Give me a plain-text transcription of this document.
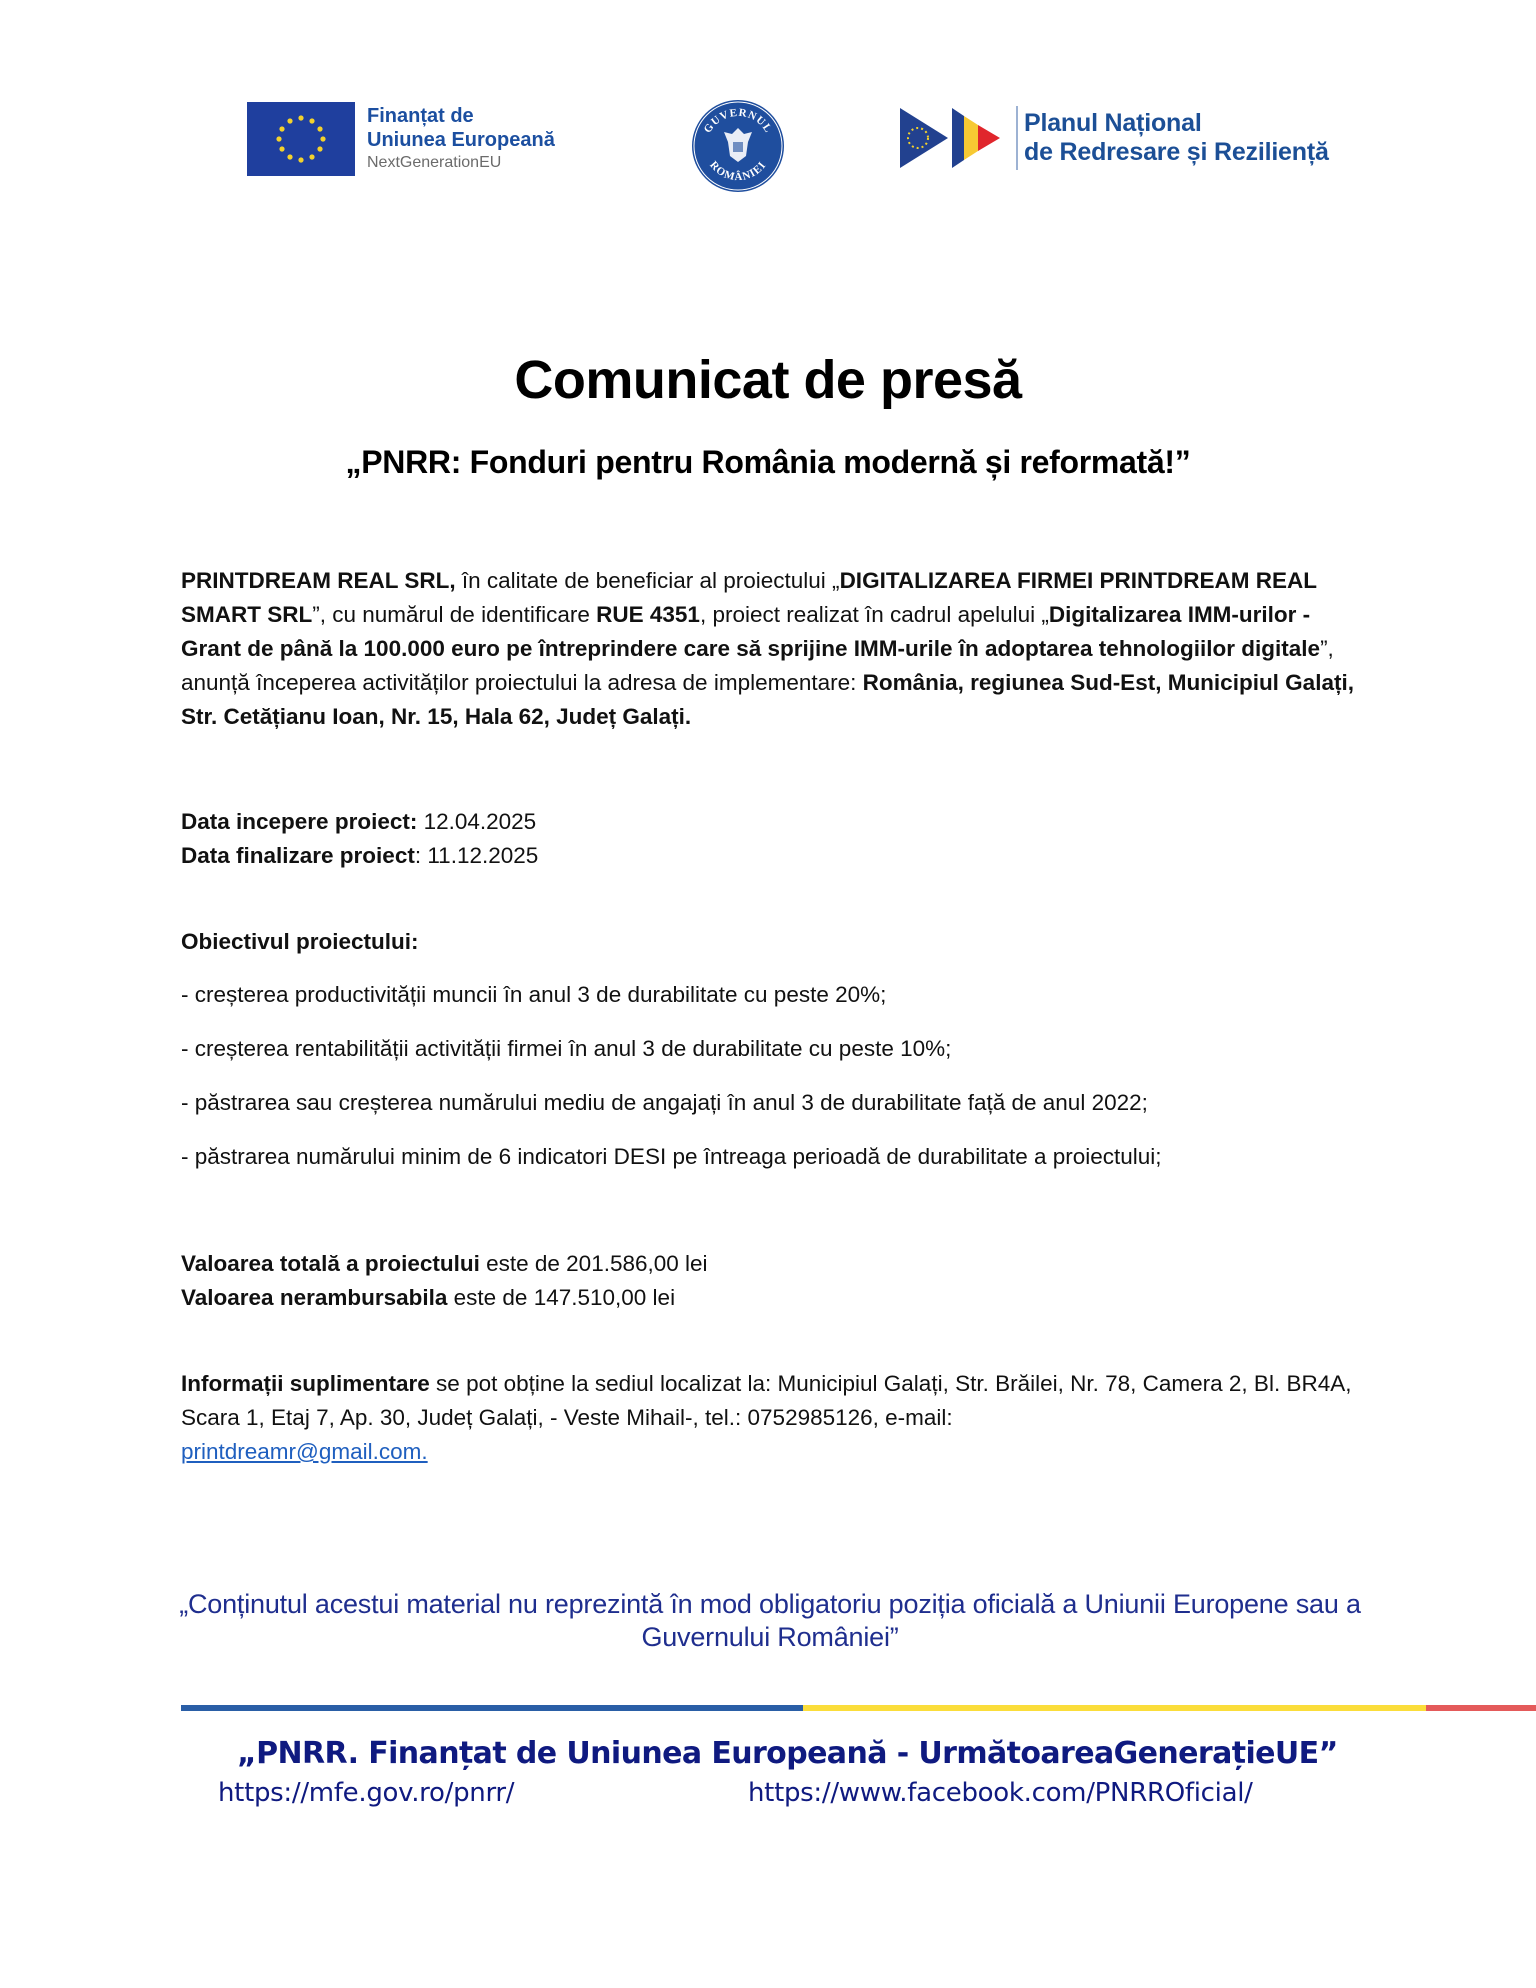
Finanțat de
Uniunea Europeană
NextGenerationEU
GUVERNUL
ROMÂNIEI
Planul Național
de Redresare și Reziliență
Comunicat de presă
„PNRR: Fonduri pentru România modernă și reformată!”
PRINTDREAM REAL SRL, în calitate de beneficiar al proiectului „DIGITALIZAREA FIRMEI PRINTDREAM REAL SMART SRL”, cu numărul de identificare RUE 4351, proiect realizat în cadrul apelului „Digitalizarea IMM-urilor - Grant de până la 100.000 euro pe întreprindere care să sprijine IMM-urile în adoptarea tehnologiilor digitale”, anunță începerea activităților proiectului la adresa de implementare: România, regiunea Sud-Est, Municipiul Galați, Str. Cetățianu Ioan, Nr. 15, Hala 62, Județ Galați.
Data incepere proiect: 12.04.2025
Data finalizare proiect: 11.12.2025
Obiectivul proiectului:
- creșterea productivității muncii în anul 3 de durabilitate cu peste 20%;
- creșterea rentabilității activității firmei în anul 3 de durabilitate cu peste 10%;
- păstrarea sau creșterea numărului mediu de angajați în anul 3 de durabilitate față de anul 2022;
- păstrarea numărului minim de 6 indicatori DESI pe întreaga perioadă de durabilitate a proiectului;
Valoarea totală a proiectului este de 201.586,00 lei
Valoarea nerambursabila este de 147.510,00 lei
Informații suplimentare se pot obține la sediul localizat la: Municipiul Galați, Str. Brăilei, Nr. 78, Camera 2, Bl. BR4A, Scara 1, Etaj 7, Ap. 30, Județ Galați, - Veste Mihail-, tel.: 0752985126, e-mail:
printdreamr@gmail.com.
„Conținutul acestui material nu reprezintă în mod obligatoriu poziția oficială a Uniunii Europene sau a Guvernului României”
„PNRR. Finanțat de Uniunea Europeană - UrmătoareaGenerațieUE”
https://mfe.gov.ro/pnrr/	https://www.facebook.com/PNRROficial/
